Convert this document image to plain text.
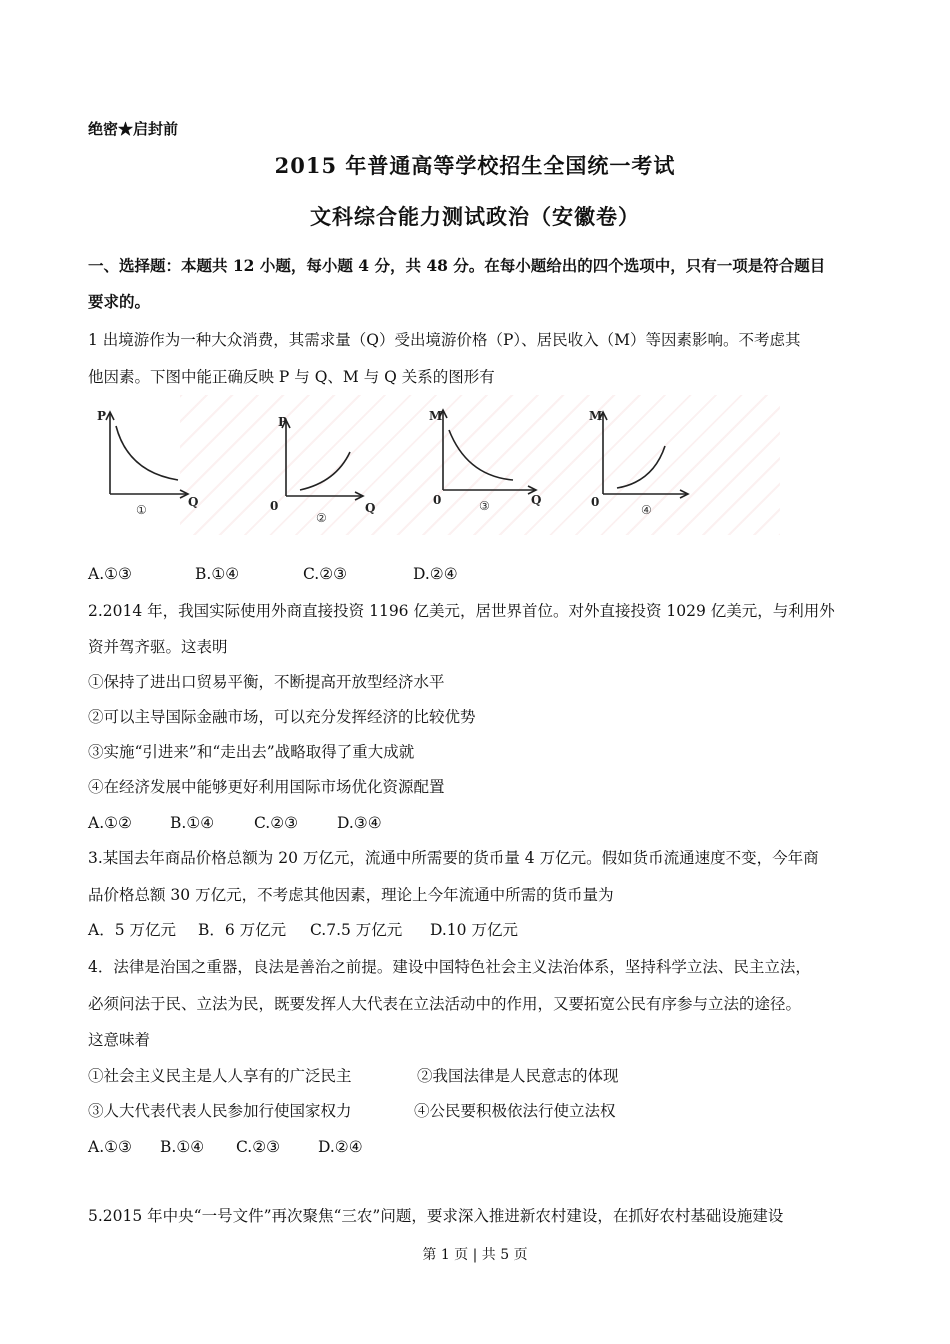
绝密★启封前
2015 年普通高等学校招生全国统一考试
文科综合能力测试政治（安徽卷）
一、选择题：本题共 12 小题，每小题 4 分，共 48 分。在每小题给出的四个选项中，只有一项是符合题目
要求的。
1 出境游作为一种大众消费，其需求量（Q）受出境游价格（P）、居民收入（M）等因素影响。不考虑其
他因素。下图中能正确反映 P 与 Q、M 与 Q 关系的图形有
P
Q
①
P
Q
0
②
M
Q
0	③
M
0
④
A.①③	B.①④	C.②③	D.②④
2.2014 年，我国实际使用外商直接投资 1196 亿美元，居世界首位。对外直接投资 1029 亿美元，与利用外
资并驾齐驱。这表明
①保持了进出口贸易平衡，不断提高开放型经济水平
②可以主导国际金融市场，可以充分发挥经济的比较优势
③实施“引进来”和“走出去”战略取得了重大成就
④在经济发展中能够更好利用国际市场优化资源配置
A.①② B.①④	C.②③	D.③④
3.某国去年商品价格总额为 20 万亿元，流通中所需要的货币量 4 万亿元。假如货币流通速度不变，今年商
品价格总额 30 万亿元，不考虑其他因素，理论上今年流通中所需的货币量为
A．5 万亿元 B．6 万亿元 C.7.5 万亿元 D.10 万亿元
4．法律是治国之重器，良法是善治之前提。建设中国特色社会主义法治体系，坚持科学立法、民主立法，
必须问法于民、立法为民，既要发挥人大代表在立法活动中的作用，又要拓宽公民有序参与立法的途径。
这意味着
①社会主义民主是人人享有的广泛民主	②我国法律是人民意志的体现
③人大代表代表人民参加行使国家权力	④公民要积极依法行使立法权
A.①③ B.①④ C.②③ D.②④
5.2015 年中央“一号文件”再次聚焦“三农”问题，要求深入推进新农村建设，在抓好农村基础设施建设
第 1 页 | 共 5 页
